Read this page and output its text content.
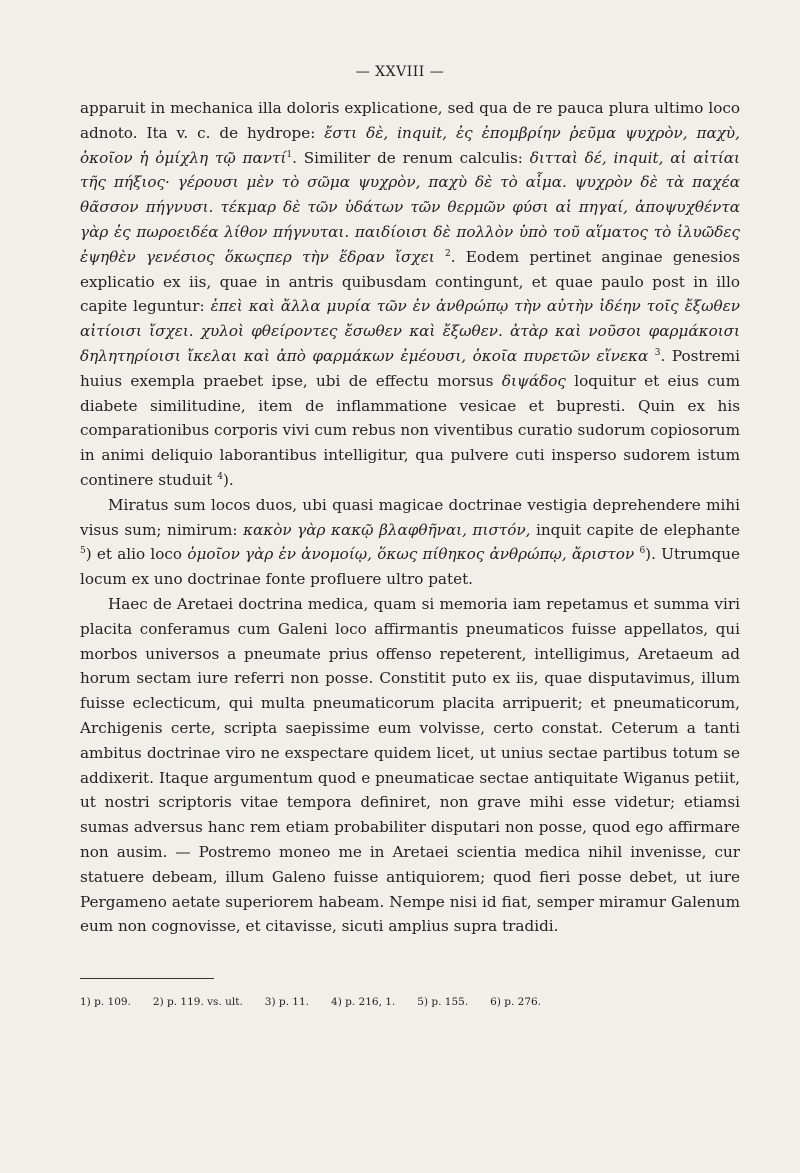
— XXVIII —

apparuit in mechanica illa doloris explicatione, sed qua de re pauca plura ultimo loco adnoto. Ita v. c. de hydrope: ἔστι δὲ, inquit, ἐς ἐπομβρίην ῥεῦμα ψυχρὸν, παχὺ, ὁκοῖον ἡ ὁμίχλη τῷ παντί$^1$. Similiter de renum calculis: διτταὶ δέ, inquit, αἱ αἰτίαι τῆς πήξιος· γέρουσι μὲν τὸ σῶμα ψυχρὸν, παχὺ δὲ τὸ αἷμα. ψυχρὸν δὲ τὰ παχέα θᾶσσον πήγνυσι. τέκμαρ δὲ τῶν ὑδάτων τῶν θερμῶν φύσι αἱ πηγαί, ἀποψυχθέντα γὰρ ἐς πωροειδέα λίθον πήγνυται. παιδίοισι δὲ πολλὸν ὑπὸ τοῦ αἵματος τὸ ἰλυῶδες ἐψηθὲν γενέσιος ὅκωςπερ τὴν ἕδραν ἴσχει $^2$. Eodem pertinet anginae genesios explicatio ex iis, quae in antris quibusdam contingunt, et quae paulo post in illo capite leguntur: ἐπεὶ καὶ ἄλλα μυρία τῶν ἐν ἀνθρώπῳ τὴν αὐτὴν ἰδέην τοῖς ἔξωθεν αἰτίοισι ἴσχει. χυλοὶ φθείροντες ἔσωθεν καὶ ἔξωθεν. ἀτὰρ καὶ νοῦσοι φαρμάκοισι δηλητηρίοισι ἴκελαι καὶ ἀπὸ φαρμάκων ἐμέουσι, ὁκοῖα πυρετῶν εἵνεκα $^3$. Postremi huius exempla praebet ipse, ubi de effectu morsus διψάδος loquitur et eius cum diabete similitudine, item de inflammatione vesicae et bupresti. Quin ex his comparationibus corporis vivi cum rebus non viventibus curatio sudorum copiosorum in animi deliquio laborantibus intelligitur, qua pulvere cuti insperso sudorem istum continere studuit $^4$).

Miratus sum locos duos, ubi quasi magicae doctrinae vestigia deprehendere mihi visus sum; nimirum: κακὸν γὰρ κακῷ βλαφθῆναι, πιστόν, inquit capite de elephante $^5$) et alio loco ὁμοῖον γὰρ ἐν ἀνομοίῳ, ὅκως πίθηκος ἀνθρώπῳ, ἄριστον $^6$). Utrumque locum ex uno doctrinae fonte profluere ultro patet.

Haec de Aretaei doctrina medica, quam si memoria iam repetamus et summa viri placita conferamus cum Galeni loco affirmantis pneumaticos fuisse appellatos, qui morbos universos a pneumate prius offenso repeterent, intelligimus, Aretaeum ad horum sectam iure referri non posse. Constitit puto ex iis, quae disputavimus, illum fuisse eclecticum, qui multa pneumaticorum placita arripuerit; et pneumaticorum, Archigenis certe, scripta saepissime eum volvisse, certo constat. Ceterum a tanti ambitus doctrinae viro ne exspectare quidem licet, ut unius sectae partibus totum se addixerit. Itaque argumentum quod e pneumaticae sectae antiquitate Wiganus petiit, ut nostri scriptoris vitae tempora definiret, non grave mihi esse videtur; etiamsi sumas adversus hanc rem etiam probabiliter disputari non posse, quod ego affirmare non ausim. — Postremo moneo me in Aretaei scientia medica nihil invenisse, cur statuere debeam, illum Galeno fuisse antiquiorem; quod fieri posse debet, ut iure Pergameno aetate superiorem habeam. Nempe nisi id fiat, semper miramur Galenum eum non cognovisse, et citavisse, sicuti amplius supra tradidi.

1) p. 109. 2) p. 119. vs. ult. 3) p. 11. 4) p. 216, 1. 5) p. 155. 6) p. 276.
